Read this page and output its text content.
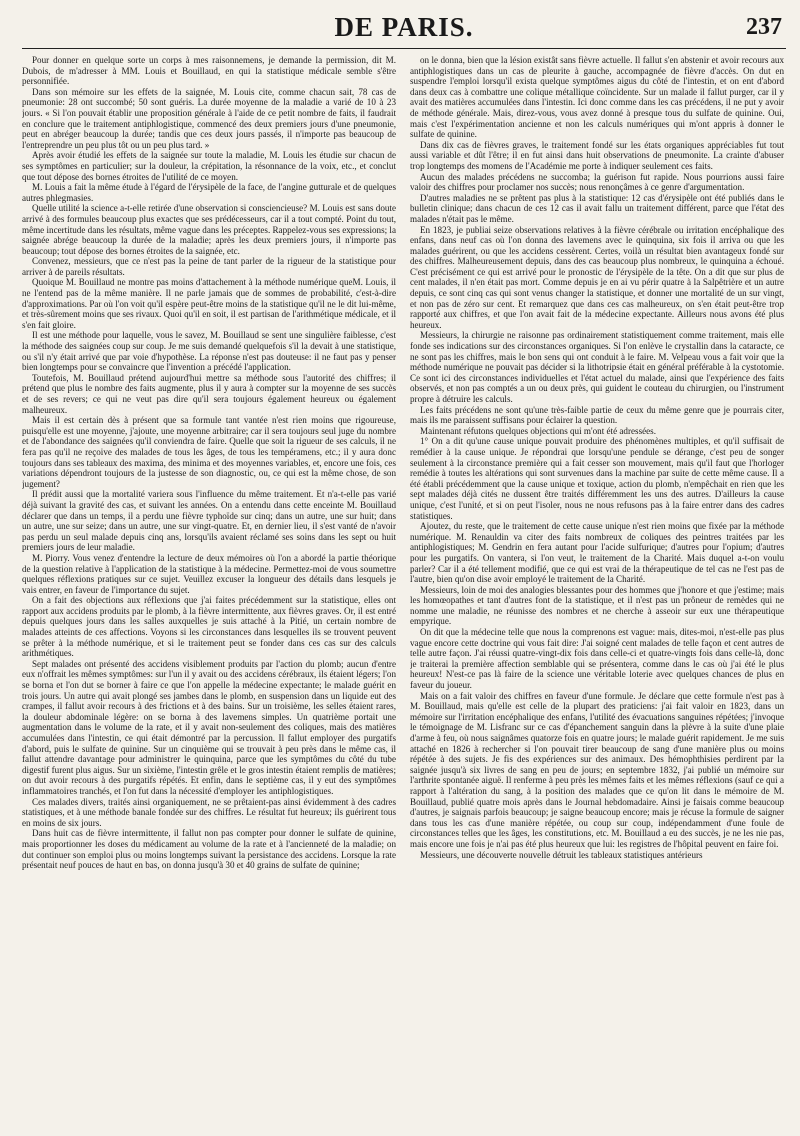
DE PARIS.	237

Pour donner en quelque sorte un corps à mes raisonnemens, je demande la permission, dit M. Dubois, de m'adresser à MM. Louis et Bouillaud, en qui la statistique médicale semble s'être personnifiée.

Dans son mémoire sur les effets de la saignée, M. Louis cite, comme chacun sait, 78 cas de pneumonie: 28 ont succombé; 50 sont guéris. La durée moyenne de la maladie a varié de 10 à 23 jours. « Si l'on pouvait établir une proposition générale à l'aide de ce petit nombre de faits, il faudrait en conclure que le traitement antiphlogistique, commencé des deux premiers jours d'une pneumonie, peut en abréger beaucoup la durée; tandis que ces deux jours passés, il n'importe pas beaucoup de l'entreprendre un peu plus tôt ou un peu plus tard. »

Après avoir étudié les effets de la saignée sur toute la maladie, M. Louis les étudie sur chacun de ses symptômes en particulier; sur la douleur, la crépitation, la résonnance de la voix, etc., et conclut que tout dépose des bornes étroites de l'utilité de ce moyen.

M. Louis a fait la même étude à l'égard de l'érysipèle de la face, de l'angine gutturale et de quelques autres phlegmasies.

Quelle utilité la science a-t-elle retirée d'une observation si consciencieuse? M. Louis est sans doute arrivé à des formules beaucoup plus exactes que ses prédécesseurs, car il a tout compté. Point du tout, même incertitude dans les résultats, même vague dans les préceptes. Rappelez-vous ses expressions; la saignée abrége beaucoup la durée de la maladie; après les deux premiers jours, il n'importe pas beaucoup; tout dépose des bornes étroites de la saignée, etc.

Convenez, messieurs, que ce n'est pas la peine de tant parler de la rigueur de la statistique pour arriver à de pareils résultats.

Quoique M. Bouillaud ne montre pas moins d'attachement à la méthode numérique queM. Louis, il ne l'entend pas de la même manière. Il ne parle jamais que de sommes de probabilité, c'est-à-dire d'approximations. Par où l'on voit qu'il espère peut-être moins de la statistique qu'il ne le dit lui-même, et très-sûrement moins que ses rivaux. Quoi qu'il en soit, il est partisan de l'arithmétique médicale, et il s'en fait gloire.

Il est une méthode pour laquelle, vous le savez, M. Bouillaud se sent une singulière faiblesse, c'est la méthode des saignées coup sur coup. Je me suis demandé quelquefois s'il la devait à une statistique, ou s'il n'y était arrivé que par voie d'hypothèse. La réponse n'est pas douteuse: il ne faut pas y penser bien longtemps pour se convaincre que l'invention a précédé l'application.

Toutefois, M. Bouillaud prétend aujourd'hui mettre sa méthode sous l'autorité des chiffres; il prétend que plus le nombre des faits augmente, plus il y aura à compter sur la moyenne de ses succès et de ses revers; ce qui ne veut pas dire qu'il sera toujours également heureux ou également malheureux.

Mais il est certain dès à présent que sa formule tant vantée n'est rien moins que rigoureuse, puisqu'elle est une moyenne, j'ajoute, une moyenne arbitraire; car il sera toujours seul juge du nombre et de l'abondance des saignées qu'il conviendra de faire. Quelle que soit la rigueur de ses calculs, il ne fera pas qu'il ne reçoive des malades de tous les âges, de tous les tempéramens, etc.; il y aura donc toujours dans ses tableaux des maxima, des minima et des moyennes variables, et, encore une fois, ces variations dépendront toujours de la justesse de son diagnostic, ou, ce qui est la même chose, de son jugement?

Il prédit aussi que la mortalité variera sous l'influence du même traitement. Et n'a-t-elle pas varié déjà suivant la gravité des cas, et suivant les années. On a entendu dans cette enceinte M. Bouillaud déclarer que dans un temps, il a perdu une fièvre typhoïde sur cinq; dans un autre, une sur huit; dans un autre, une sur seize; dans un autre, une sur vingt-quatre. Et, en dernier lieu, il s'est vanté de n'avoir pas perdu un seul malade depuis cinq ans, lorsqu'ils avaient réclamé ses soins dans les sept ou huit premiers jours de leur maladie.

M. Piorry. Vous venez d'entendre la lecture de deux mémoires où l'on a abordé la partie théorique de la question relative à l'application de la statistique à la médecine. Permettez-moi de vous soumettre quelques réflexions pratiques sur ce sujet. Veuillez excuser la longueur des détails dans lesquels je vais entrer, en faveur de l'importance du sujet.

On a fait des objections aux réflexions que j'ai faites précédemment sur la statistique, elles ont rapport aux accidens produits par le plomb, à la fièvre intermittente, aux fièvres graves. Or, il est entré depuis quelques jours dans les salles auxquelles je suis attaché à la Pitié, un certain nombre de malades atteints de ces affections. Voyons si les circonstances dans lesquelles ils se trouvent peuvent se prêter à la méthode numérique, et si le traitement peut se fonder dans ces cas sur des calculs arithmétiques.

Sept malades ont présenté des accidens visiblement produits par l'action du plomb; aucun d'entre eux n'offrait les mêmes symptômes: sur l'un il y avait ou des accidens cérébraux, ils étaient légers; l'on se borna et l'on dut se borner à faire ce que l'on appelle la médecine expectante; le malade guérit en trois jours. Un autre qui avait plongé ses jambes dans le plomb, en suspension dans un liquide eut des crampes, il fallut avoir recours à des frictions et à des bains. Sur un troisième, les selles étaient rares, la douleur abdominale légère: on se borna à des lavemens simples. Un quatrième portait une augmentation dans le volume de la rate, et il y avait non-seulement des coliques, mais des matières accumulées dans l'intestin, ce qui était démontré par la percussion. Il fallut employer des purgatifs d'abord, puis le sulfate de quinine. Sur un cinquième qui se trouvait à peu près dans le même cas, il fallut attendre davantage pour administrer le quinquina, parce que les symptômes du côté du tube digestif furent plus aigus. Sur un sixième, l'intestin grêle et le gros intestin étaient remplis de matières; on dut avoir recours à des purgatifs répétés. Et enfin, dans le septième cas, il y eut des symptômes inflammatoires tranchés, et l'on fut dans la nécessité d'employer les antiphlogistiques.

Ces malades divers, traités ainsi organiquement, ne se prêtaient-pas ainsi évidemment à des cadres statistiques, et à une méthode banale fondée sur des chiffres. Le résultat fut heureux; ils guérirent tous en moins de six jours.

Dans huit cas de fièvre intermittente, il fallut non pas compter pour donner le sulfate de quinine, mais proportionner les doses du médicament au volume de la rate et à l'ancienneté de la maladie; on dut continuer son emploi plus ou moins longtemps suivant la persistance des accidens. Lorsque la rate présentait neuf pouces de haut en bas, on donna jusqu'à 30 et 40 grains de sulfate de quinine;

on le donna, bien que la lésion existât sans fièvre actuelle. Il fallut s'en abstenir et avoir recours aux antiphlogistiques dans un cas de pleurite à gauche, accompagnée de fièvre d'accès. On dut en suspendre l'emploi lorsqu'il exista quelque symptômes aigus du côté de l'intestin, et on ent d'abord dans deux cas à combattre une colique métallique coïncidente. Sur un malade il fallut purger, car il y avait des matières accumulées dans l'intestin. Ici donc comme dans les cas précédens, il ne put y avoir de méthode générale. Mais, direz-vous, vous avez donné à presque tous du sulfate de quinine. Oui, mais c'est l'expérimentation ancienne et non les calculs numériques qui m'ont appris à donner le sulfate de quinine.

Dans dix cas de fièvres graves, le traitement fondé sur les états organiques appréciables fut tout aussi variable et dût l'être; il en fut ainsi dans huit observations de pneumonite. La crainte d'abuser trop longtemps des momens de l'Académie me porte à indiquer seulement ces faits.

Aucun des malades précédens ne succomba; la guérison fut rapide. Nous pourrions aussi faire valoir des chiffres pour proclamer nos succès; nous renonçâmes à ce genre d'argumentation.

D'autres maladies ne se prêtent pas plus à la statistique: 12 cas d'érysipèle ont été publiés dans le bulletin clinique; dans chacun de ces 12 cas il avait fallu un traitement différent, parce que l'état des malades n'était pas le même.

En 1823, je publiai seize observations relatives à la fièvre cérébrale ou irritation encéphalique des enfans, dans neuf cas où l'on donna des lavemens avec le quinquina, six fois il arriva ou que les malades guérirent, ou que les accidens cessèrent. Certes, voilà un résultat bien avantageux fondé sur des chiffres. Malheureusement depuis, dans des cas beaucoup plus nombreux, le quinquina a échoué. C'est précisément ce qui est arrivé pour le pronostic de l'érysipèle de la tête. On a dit que sur plus de cent malades, il n'en était pas mort. Comme depuis je en ai vu périr quatre à la Salpêtrière et un autre depuis, ce sont cinq cas qui sont venus changer la statistique, et donner une mortalité de un sur vingt, et non pas de zéro sur cent. Et remarquez que dans ces cas malheureux, on s'en était peut-être trop rapporté aux chiffres, et que l'on avait fait de la médecine expectante. Ailleurs nous avons été plus heureux.

Messieurs, la chirurgie ne raisonne pas ordinairement statistiquement comme traitement, mais elle fonde ses indications sur des circonstances organiques. Si l'on enlève le crystallin dans la cataracte, ce ne sont pas les chiffres, mais le bon sens qui ont conduit à le faire. M. Velpeau vous a fait voir que la méthode numérique ne pouvait pas décider si la lithotripsie était en général préférable à la cystotomie. Ce sont ici des circonstances individuelles et l'état actuel du malade, ainsi que l'expérience des faits observés, et non pas comptés a un ou deux près, qui guident le couteau du chirurgien, ou l'instrument propre à détruire les calculs.

Les faits précédens ne sont qu'une très-faible partie de ceux du même genre que je pourrais citer, mais ils me paraissent suffisans pour éclairer la question.

Maintenant réfutons quelques objections qui m'ont été adressées.

1° On a dit qu'une cause unique pouvait produire des phénomènes multiples, et qu'il suffisait de remédier à la cause unique. Je répondrai que lorsqu'une pendule se dérange, c'est peu de songer seulement à la circonstance première qui a fait cesser son mouvement, mais qu'il faut que l'horloger remédie à toutes les altérations qui sont survenues dans la machine par suite de cette même cause. Il a été établi précédemment que la cause unique et toxique, action du plomb, n'empêchait en rien que les sept malades déjà cités ne dussent être traités différemment les uns des autres. D'ailleurs la cause unique, c'est l'unité, et si on peut l'isoler, nous ne nous refusons pas à la faire entrer dans des cadres statistiques.

Ajoutez, du reste, que le traitement de cette cause unique n'est rien moins que fixée par la méthode numérique. M. Renauldin va citer des faits nombreux de coliques des peintres traitées par les antiphlogistiques; M. Gendrin en fera autant pour l'acide sulfurique; d'autres pour l'opium; d'autres pour les purgatifs. On vantera, si l'on veut, le traitement de la Charité. Mais duquel a-t-on voulu parler? Car il a été tellement modifié, que ce qui est vrai de la thérapeutique de tel cas ne l'est pas de l'autre, bien qu'on dise avoir employé le traitement de la Charité.

Messieurs, loin de moi des analogies blessantes pour des hommes que j'honore et que j'estime; mais les homœopathes et tant d'autres font de la statistique, et il n'est pas un prôneur de remèdes qui ne nomme une maladie, ne réunisse des nombres et ne cherche à asseoir sur eux une thérapeutique empyrique.

On dit que la médecine telle que nous la comprenons est vague: mais, dites-moi, n'est-elle pas plus vague encore cette doctrine qui vous fait dire: J'ai soigné cent malades de telle façon et cent autres de telle autre façon. J'ai réussi quatre-vingt-dix fois dans celle-ci et quatre-vingts fois dans celle-là, donc je traiterai la première affection semblable qui se présentera, comme dans le cas où j'ai été le plus heureux! N'est-ce pas là faire de la science une véritable loterie avec quelques chances de plus en faveur du joueur.

Mais on a fait valoir des chiffres en faveur d'une formule. Je déclare que cette formule n'est pas à M. Bouillaud, mais qu'elle est celle de la plupart des praticiens: j'ai fait valoir en 1823, dans un mémoire sur l'irritation encéphalique des enfans, l'utilité des évacuations sanguines répétées; j'invoque le témoignage de M. Lisfranc sur ce cas d'épanchement sanguin dans la plèvre à la suite d'une plaie d'arme à feu, où nous saignâmes quatorze fois en quatre jours; le malade guérit rapidement. Je me suis attaché en 1826 à rechercher si l'on pouvait tirer beaucoup de sang d'une manière plus ou moins répétée à des sujets. Je fis des expériences sur des animaux. Des hémophthisies perdirent par la saignée jusqu'à six livres de sang en peu de jours; en septembre 1832, j'ai publié un mémoire sur l'arthrite spontanée aiguë. Il renferme à peu près les mêmes faits et les mêmes réflexions (sauf ce qui a rapport à l'altération du sang, à la position des malades que ce qu'on lit dans le mémoire de M. Bouillaud, publié quatre mois après dans le Journal hebdomadaire. Ainsi je faisais comme beaucoup d'autres, je saignais parfois beaucoup; je saigne beaucoup encore; mais je récuse la formule de saigner dans tous les cas d'une manière répétée, ou coup sur coup, indépendamment d'une foule de circonstances telles que les âges, les constitutions, etc. M. Bouillaud a eu des succès, je ne les nie pas, mais encore une fois je n'ai pas été plus heureux que lui: les registres de l'hôpital peuvent en faire foi.

Messieurs, une découverte nouvelle détruit les tableaux statistiques antérieurs
